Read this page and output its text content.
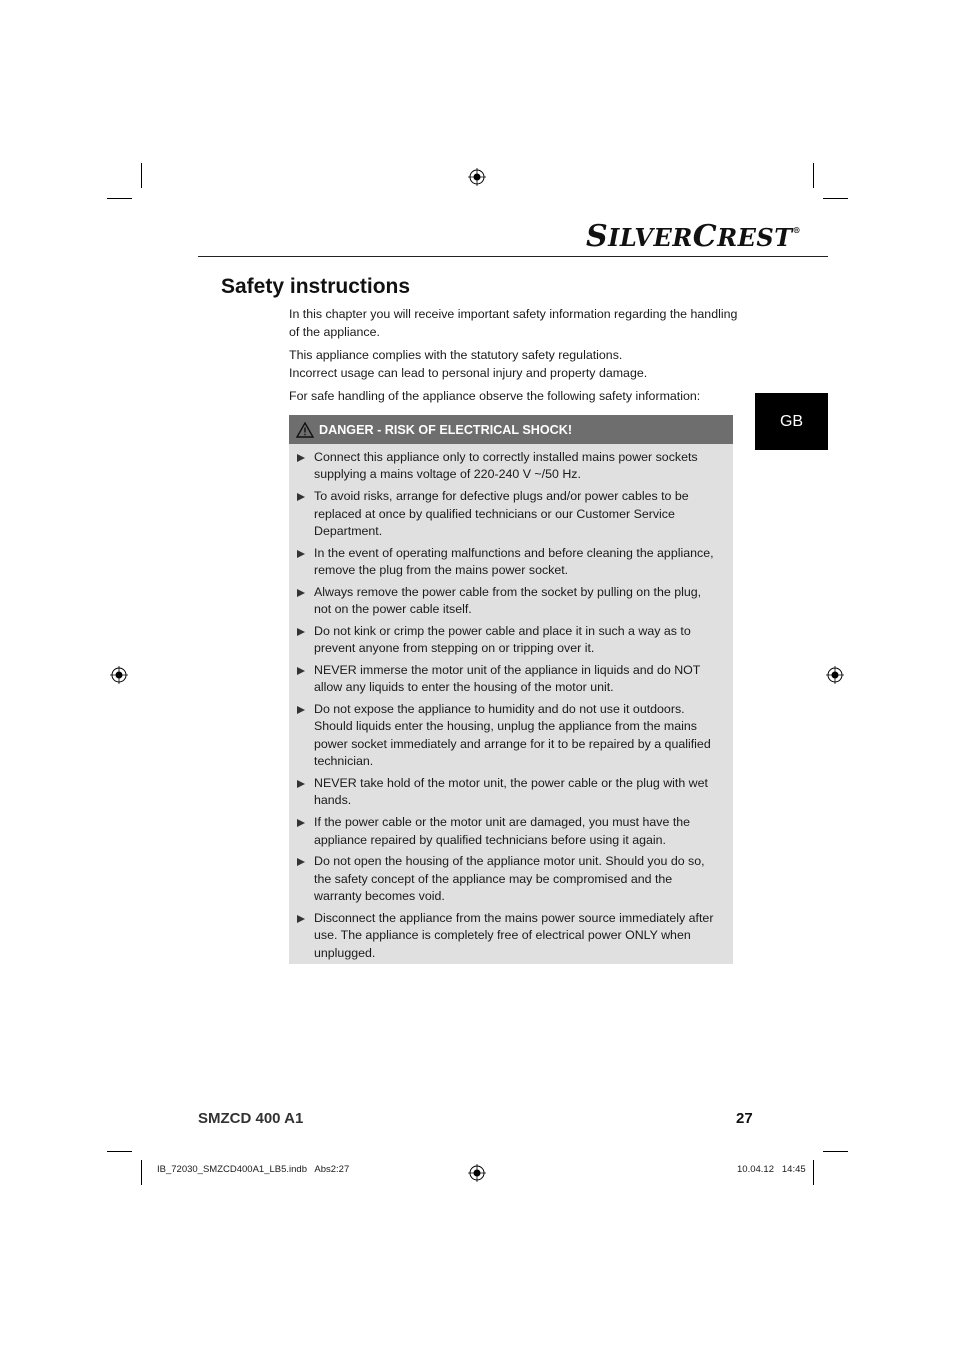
SILVERCREST®
Safety instructions

In this chapter you will receive important safety information regarding the handling of the appliance.

This appliance complies with the statutory safety regulations.

Incorrect usage can lead to personal injury and property damage.

For safe handling of the appliance observe the following safety information:

GB
DANGER - RISK OF ELECTRICAL SHOCK!
Connect this appliance only to correctly installed mains power sockets supplying a mains voltage of 220-240 V ~/50 Hz.
To avoid risks, arrange for defective plugs and/or power cables to be replaced at once by qualified technicians or our Customer Service Department.
In the event of operating malfunctions and before cleaning the appliance, remove the plug from the mains power socket.
Always remove the power cable from the socket by pulling on the plug, not on the power cable itself.
Do not kink or crimp the power cable and place it in such a way as to prevent anyone from stepping on or tripping over it.
NEVER immerse the motor unit of the appliance in liquids and do NOT allow any liquids to enter the housing of the motor unit.
Do not expose the appliance to humidity and do not use it outdoors. Should liquids enter the housing, unplug the appliance from the mains power socket immediately and arrange for it to be repaired by a qualified technician.
NEVER take hold of the motor unit, the power cable or the plug with wet hands.
If the power cable or the motor unit are damaged, you must have the appliance repaired by qualified technicians before using it again.
Do not open the housing of the appliance motor unit. Should you do so, the safety concept of the appliance may be compromised and the warranty becomes void.
Disconnect the appliance from the mains power source immediately after use. The appliance is completely free of electrical power ONLY when unplugged.
SMZCD 400 A1	27
IB_72030_SMZCD400A1_LB5.indb   Abs2:27	10.04.12   14:45
